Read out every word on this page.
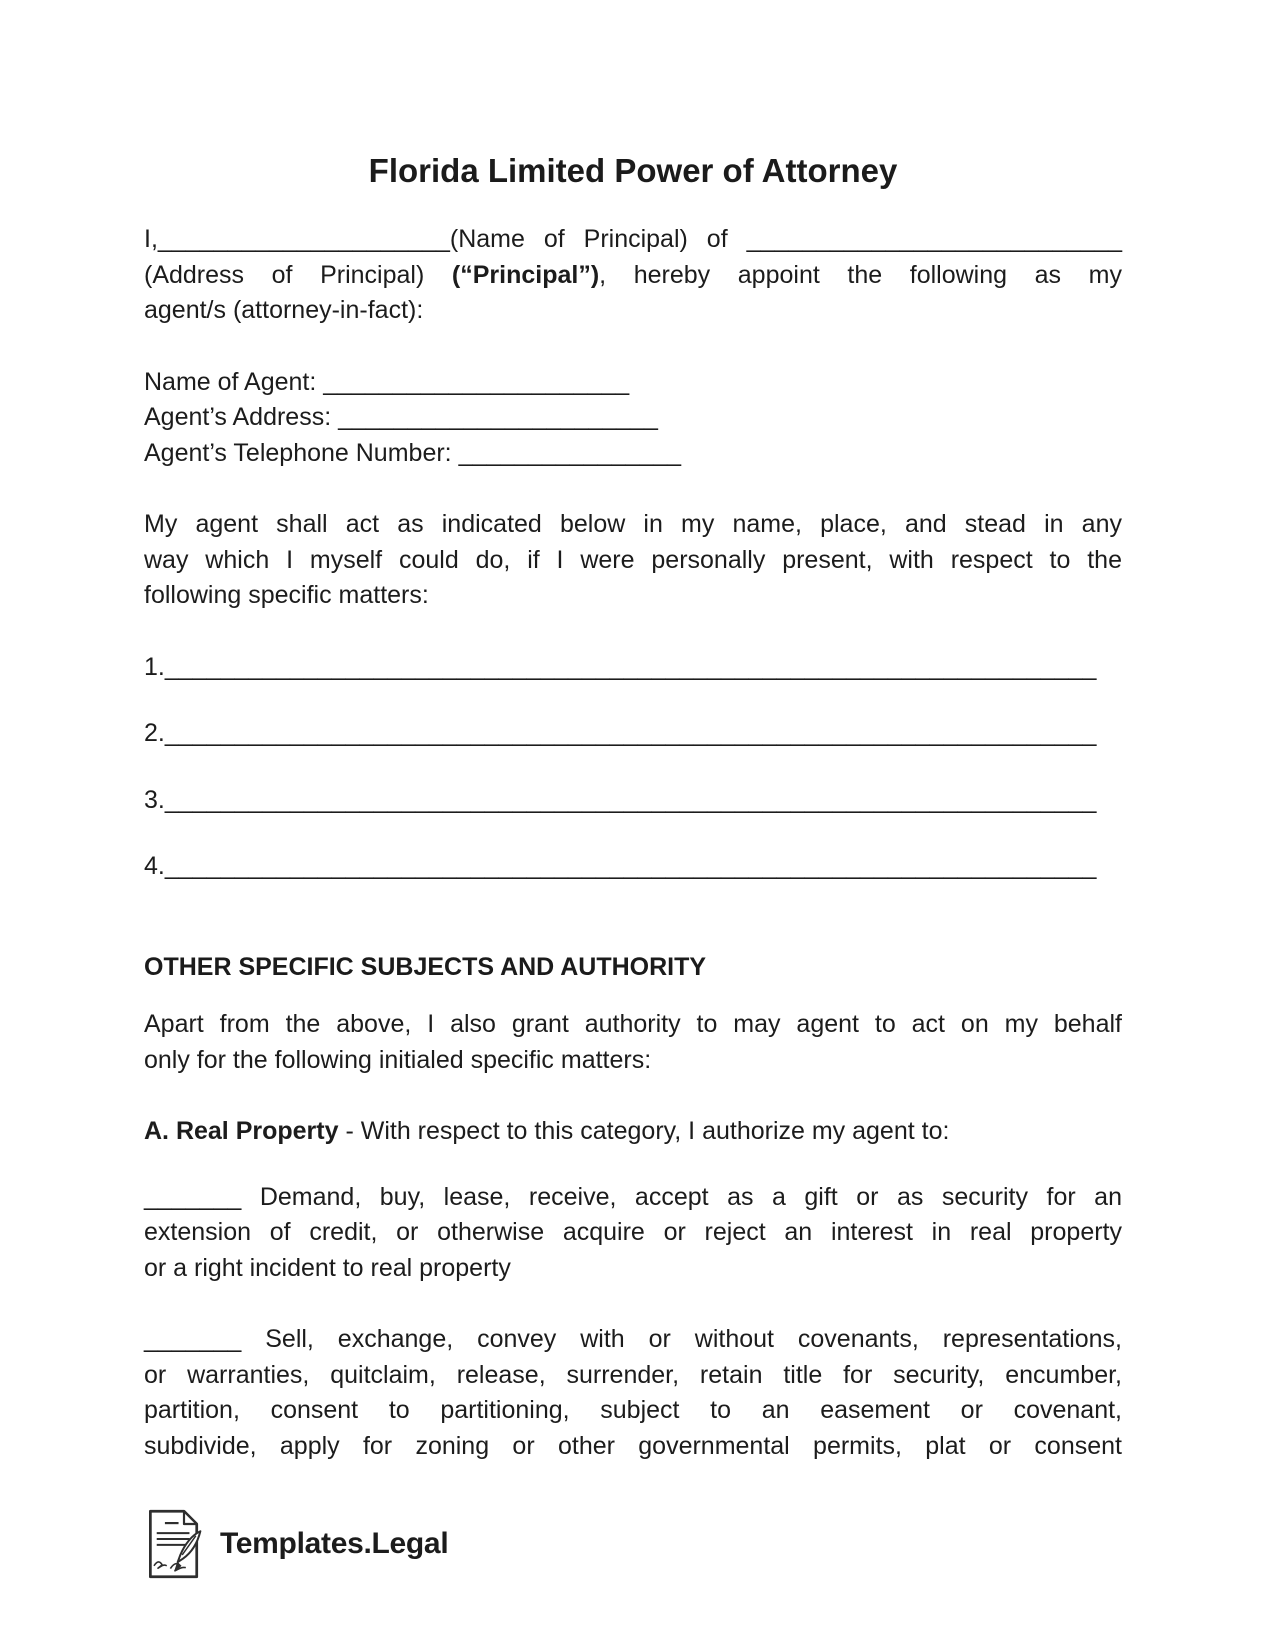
Florida Limited Power of Attorney
I,_____________________(Name of Principal) of ___________________________
(Address of Principal) (“Principal”), hereby appoint the following as my
agent/s (attorney-in-fact):
Name of Agent: ______________________
Agent’s Address: _______________________
Agent’s Telephone Number: ________________
My agent shall act as indicated below in my name, place, and stead in any
way which I myself could do, if I were personally present, with respect to the
following specific matters:
1.___________________________________________________________________
2.___________________________________________________________________
3.___________________________________________________________________
4.___________________________________________________________________
OTHER SPECIFIC SUBJECTS AND AUTHORITY
Apart from the above, I also grant authority to may agent to act on my behalf
only for the following initialed specific matters:
A. Real Property - With respect to this category, I authorize my agent to:
_______ Demand, buy, lease, receive, accept as a gift or as security for an
extension of credit, or otherwise acquire or reject an interest in real property
or a right incident to real property
_______ Sell, exchange, convey with or without covenants, representations,
or warranties, quitclaim, release, surrender, retain title for security, encumber,
partition, consent to partitioning, subject to an easement or covenant,
subdivide, apply for zoning or other governmental permits, plat or consent
Templates.Legal
